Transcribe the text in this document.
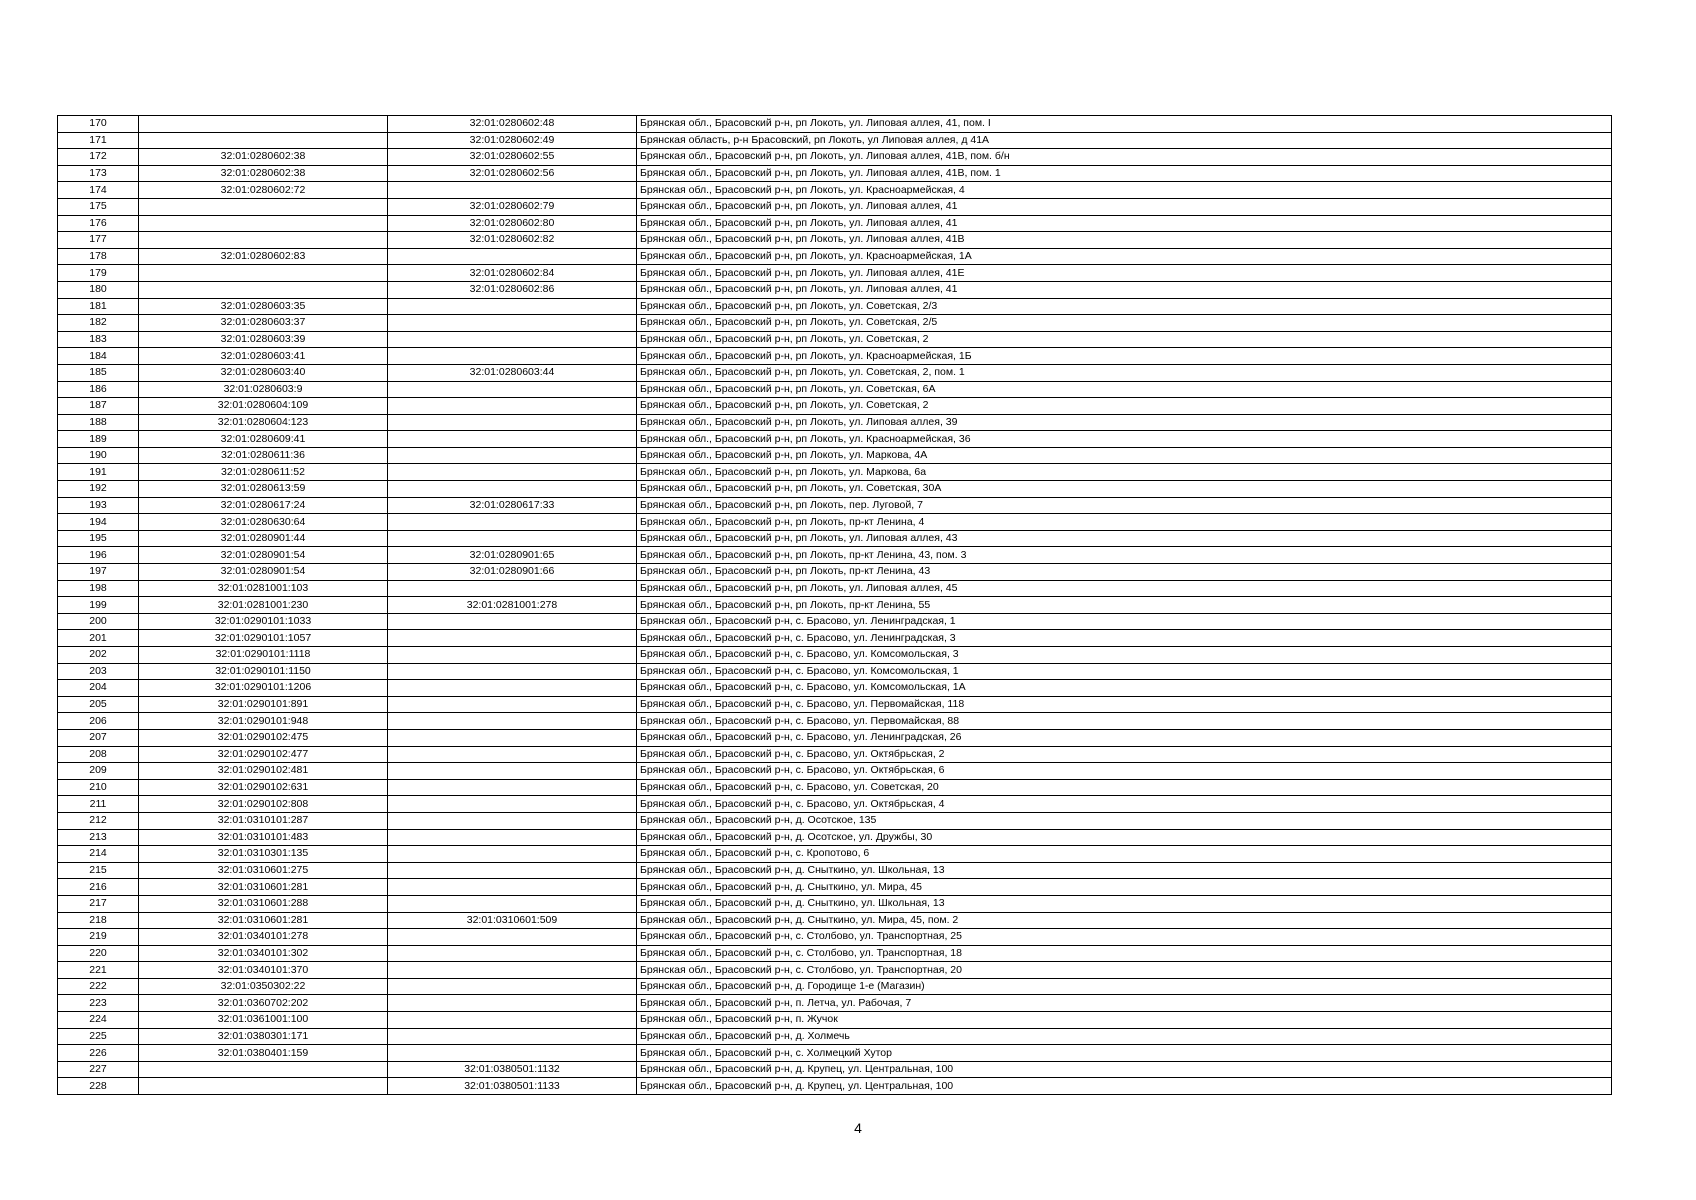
170		32:01:0280602:48	Брянская обл., Брасовский р-н, рп Локоть, ул. Липовая аллея, 41, пом. I
171		32:01:0280602:49	Брянская область, р-н Брасовский, рп Локоть, ул Липовая аллея, д 41А
172	32:01:0280602:38	32:01:0280602:55	Брянская обл., Брасовский р-н, рп Локоть, ул. Липовая аллея, 41В, пом. б/н
173	32:01:0280602:38	32:01:0280602:56	Брянская обл., Брасовский р-н, рп Локоть, ул. Липовая аллея, 41В, пом. 1
174	32:01:0280602:72		Брянская обл., Брасовский р-н, рп Локоть, ул. Красноармейская, 4
175		32:01:0280602:79	Брянская обл., Брасовский р-н, рп Локоть, ул. Липовая аллея, 41
176		32:01:0280602:80	Брянская обл., Брасовский р-н, рп Локоть, ул. Липовая аллея, 41
177		32:01:0280602:82	Брянская обл., Брасовский р-н, рп Локоть, ул. Липовая аллея, 41В
178	32:01:0280602:83		Брянская обл., Брасовский р-н, рп Локоть, ул. Красноармейская, 1А
179		32:01:0280602:84	Брянская обл., Брасовский р-н, рп Локоть, ул. Липовая аллея, 41Е
180		32:01:0280602:86	Брянская обл., Брасовский р-н, рп Локоть, ул. Липовая аллея, 41
181	32:01:0280603:35		Брянская обл., Брасовский р-н, рп Локоть, ул. Советская, 2/3
182	32:01:0280603:37		Брянская обл., Брасовский р-н, рп Локоть, ул. Советская, 2/5
183	32:01:0280603:39		Брянская обл., Брасовский р-н, рп Локоть, ул. Советская, 2
184	32:01:0280603:41		Брянская обл., Брасовский р-н, рп Локоть, ул. Красноармейская, 1Б
185	32:01:0280603:40	32:01:0280603:44	Брянская обл., Брасовский р-н, рп Локоть, ул. Советская, 2, пом. 1
186	32:01:0280603:9		Брянская обл., Брасовский р-н, рп Локоть, ул. Советская, 6А
187	32:01:0280604:109		Брянская обл., Брасовский р-н, рп Локоть, ул. Советская, 2
188	32:01:0280604:123		Брянская обл., Брасовский р-н, рп Локоть, ул. Липовая аллея, 39
189	32:01:0280609:41		Брянская обл., Брасовский р-н, рп Локоть, ул. Красноармейская, 36
190	32:01:0280611:36		Брянская обл., Брасовский р-н, рп Локоть, ул. Маркова, 4А
191	32:01:0280611:52		Брянская обл., Брасовский р-н, рп Локоть, ул. Маркова, 6а
192	32:01:0280613:59		Брянская обл., Брасовский р-н, рп Локоть, ул. Советская, 30А
193	32:01:0280617:24	32:01:0280617:33	Брянская обл., Брасовский р-н, рп Локоть, пер. Луговой, 7
194	32:01:0280630:64		Брянская обл., Брасовский р-н, рп Локоть, пр-кт Ленина, 4
195	32:01:0280901:44		Брянская обл., Брасовский р-н, рп Локоть, ул. Липовая аллея, 43
196	32:01:0280901:54	32:01:0280901:65	Брянская обл., Брасовский р-н, рп Локоть, пр-кт Ленина, 43, пом. 3
197	32:01:0280901:54	32:01:0280901:66	Брянская обл., Брасовский р-н, рп Локоть, пр-кт Ленина, 43
198	32:01:0281001:103		Брянская обл., Брасовский р-н, рп Локоть, ул. Липовая аллея, 45
199	32:01:0281001:230	32:01:0281001:278	Брянская обл., Брасовский р-н, рп Локоть, пр-кт Ленина, 55
200	32:01:0290101:1033		Брянская обл., Брасовский р-н, с. Брасово, ул. Ленинградская, 1
201	32:01:0290101:1057		Брянская обл., Брасовский р-н, с. Брасово, ул. Ленинградская, 3
202	32:01:0290101:1118		Брянская обл., Брасовский р-н, с. Брасово, ул. Комсомольская, 3
203	32:01:0290101:1150		Брянская обл., Брасовский р-н, с. Брасово, ул. Комсомольская, 1
204	32:01:0290101:1206		Брянская обл., Брасовский р-н, с. Брасово, ул. Комсомольская, 1А
205	32:01:0290101:891		Брянская обл., Брасовский р-н, с. Брасово, ул. Первомайская, 118
206	32:01:0290101:948		Брянская обл., Брасовский р-н, с. Брасово, ул. Первомайская, 88
207	32:01:0290102:475		Брянская обл., Брасовский р-н, с. Брасово, ул. Ленинградская, 26
208	32:01:0290102:477		Брянская обл., Брасовский р-н, с. Брасово, ул. Октябрьская, 2
209	32:01:0290102:481		Брянская обл., Брасовский р-н, с. Брасово, ул. Октябрьская, 6
210	32:01:0290102:631		Брянская обл., Брасовский р-н, с. Брасово, ул. Советская, 20
211	32:01:0290102:808		Брянская обл., Брасовский р-н, с. Брасово, ул. Октябрьская, 4
212	32:01:0310101:287		Брянская обл., Брасовский р-н, д. Осотское, 135
213	32:01:0310101:483		Брянская обл., Брасовский р-н, д. Осотское, ул. Дружбы, 30
214	32:01:0310301:135		Брянская обл., Брасовский р-н, с. Кропотово, 6
215	32:01:0310601:275		Брянская обл., Брасовский р-н, д. Сныткино, ул. Школьная, 13
216	32:01:0310601:281		Брянская обл., Брасовский р-н, д. Сныткино, ул. Мира, 45
217	32:01:0310601:288		Брянская обл., Брасовский р-н, д. Сныткино, ул. Школьная, 13
218	32:01:0310601:281	32:01:0310601:509	Брянская обл., Брасовский р-н, д. Сныткино, ул. Мира, 45, пом. 2
219	32:01:0340101:278		Брянская обл., Брасовский р-н, с. Столбово, ул. Транспортная, 25
220	32:01:0340101:302		Брянская обл., Брасовский р-н, с. Столбово, ул. Транспортная, 18
221	32:01:0340101:370		Брянская обл., Брасовский р-н, с. Столбово, ул. Транспортная, 20
222	32:01:0350302:22		Брянская обл., Брасовский р-н, д. Городище 1-е (Магазин)
223	32:01:0360702:202		Брянская обл., Брасовский р-н, п. Летча, ул. Рабочая, 7
224	32:01:0361001:100		Брянская обл., Брасовский р-н, п. Жучок
225	32:01:0380301:171		Брянская обл., Брасовский р-н, д. Холмечь
226	32:01:0380401:159		Брянская обл., Брасовский р-н, с. Холмецкий Хутор
227		32:01:0380501:1132	Брянская обл., Брасовский р-н, д. Крупец, ул. Центральная, 100
228		32:01:0380501:1133	Брянская обл., Брасовский р-н, д. Крупец, ул. Центральная, 100
4
